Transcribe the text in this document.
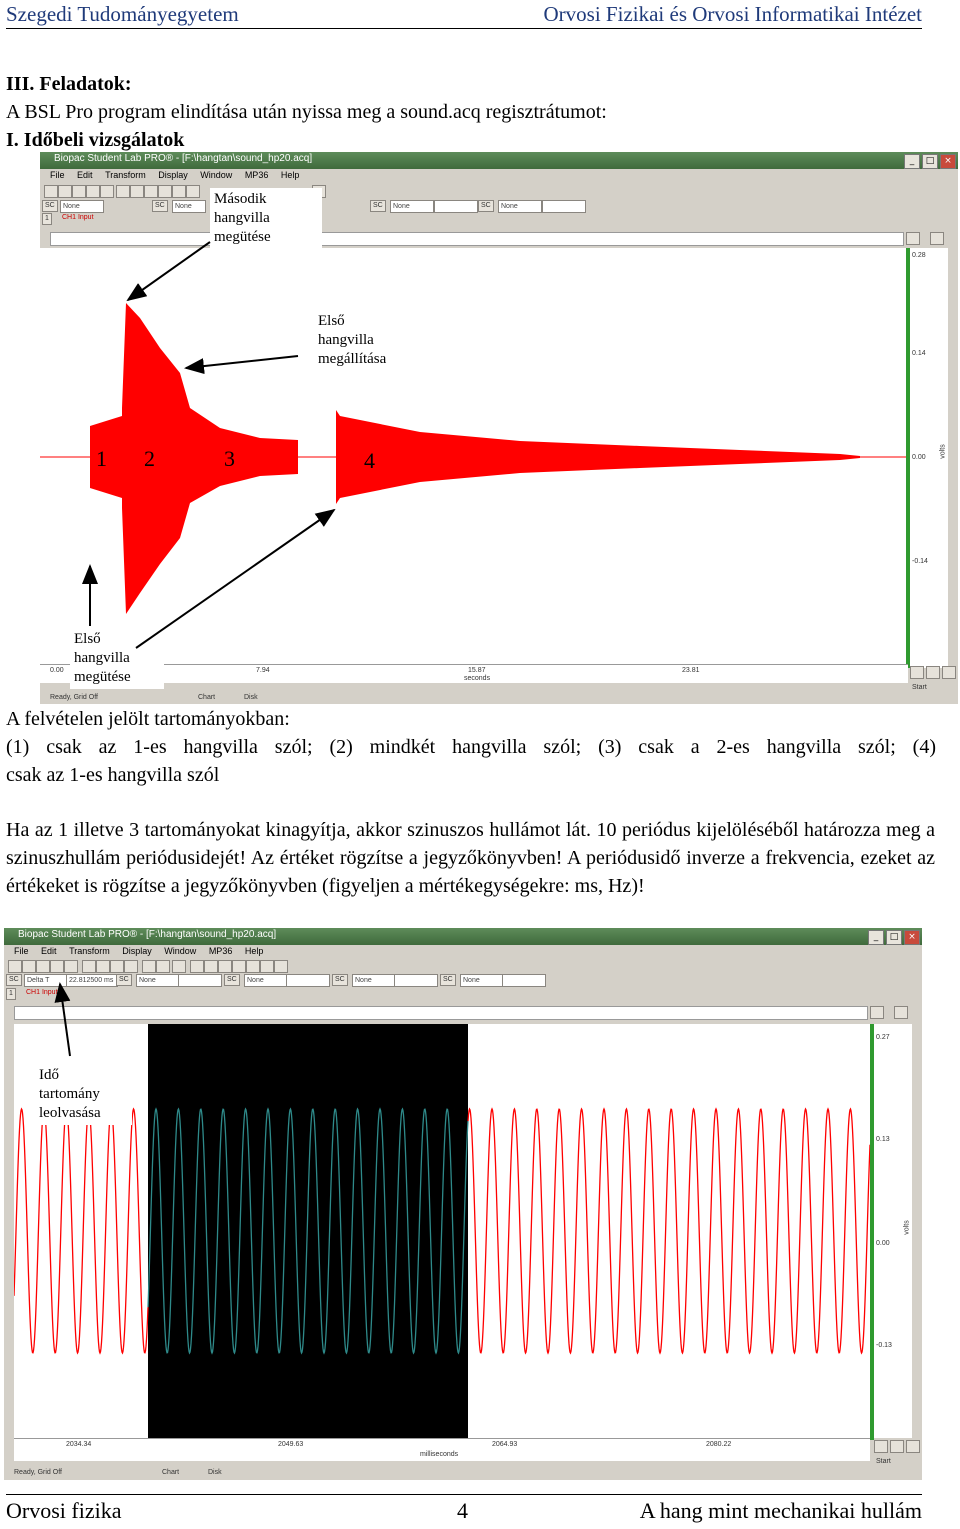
Szegedi Tudományegyetem	Orvosi Fizikai és Orvosi Informatikai Intézet
III. Feladatok:
A BSL Pro program elindítása után nyissa meg a sound.acq regisztrátumot:
I. Időbeli vizsgálatok
Biopac Student Lab PRO® - [F:\hangtan\sound_hp20.acq]	_	□	×
File Edit Transform Display Window MP36 Help
SC	None	SC	None	SC	None	SC	None
1	CH1 Input
1 2	3	4
0.28
0.14
0.00
-0.14
volts
0.00	7.94	15.87	23.81
seconds
Start
Ready, Grid Off	Chart	Disk
Második
hangvilla
megütése
Első
hangvilla
megállítása
Első
hangvilla
megütése
A felvételen jelölt tartományokban:
(1) csak az 1-es hangvilla szól; (2) mindkét hangvilla szól; (3) csak a 2-es hangvilla szól; (4)
csak az 1-es hangvilla szól
Ha az 1 illetve 3 tartományokat kinagyítja, akkor szinuszos hullámot lát. 10 periódus kijelöléséből határozza meg a szinuszhullám periódusidejét! Az értéket rögzítse a jegyzőkönyvben! A periódusidő inverze a frekvencia, ezeket az értékeket is rögzítse a jegyzőkönyvben (figyeljen a mértékegységekre: ms, Hz)!
Biopac Student Lab PRO® - [F:\hangtan\sound_hp20.acq]	_	□	×
File Edit Transform Display Window MP36 Help
SC	Delta T	22.812500 ms SC	None	SC	None	SC	None	SC	None
1	CH1 Input
0.27
0.13
0.00
-0.13
volts
2034.34	2049.63	2064.93	2080.22
milliseconds
Start
Ready, Grid Off	Chart	Disk
Idő
tartomány
leolvasása
Orvosi fizika	4	A hang mint mechanikai hullám
